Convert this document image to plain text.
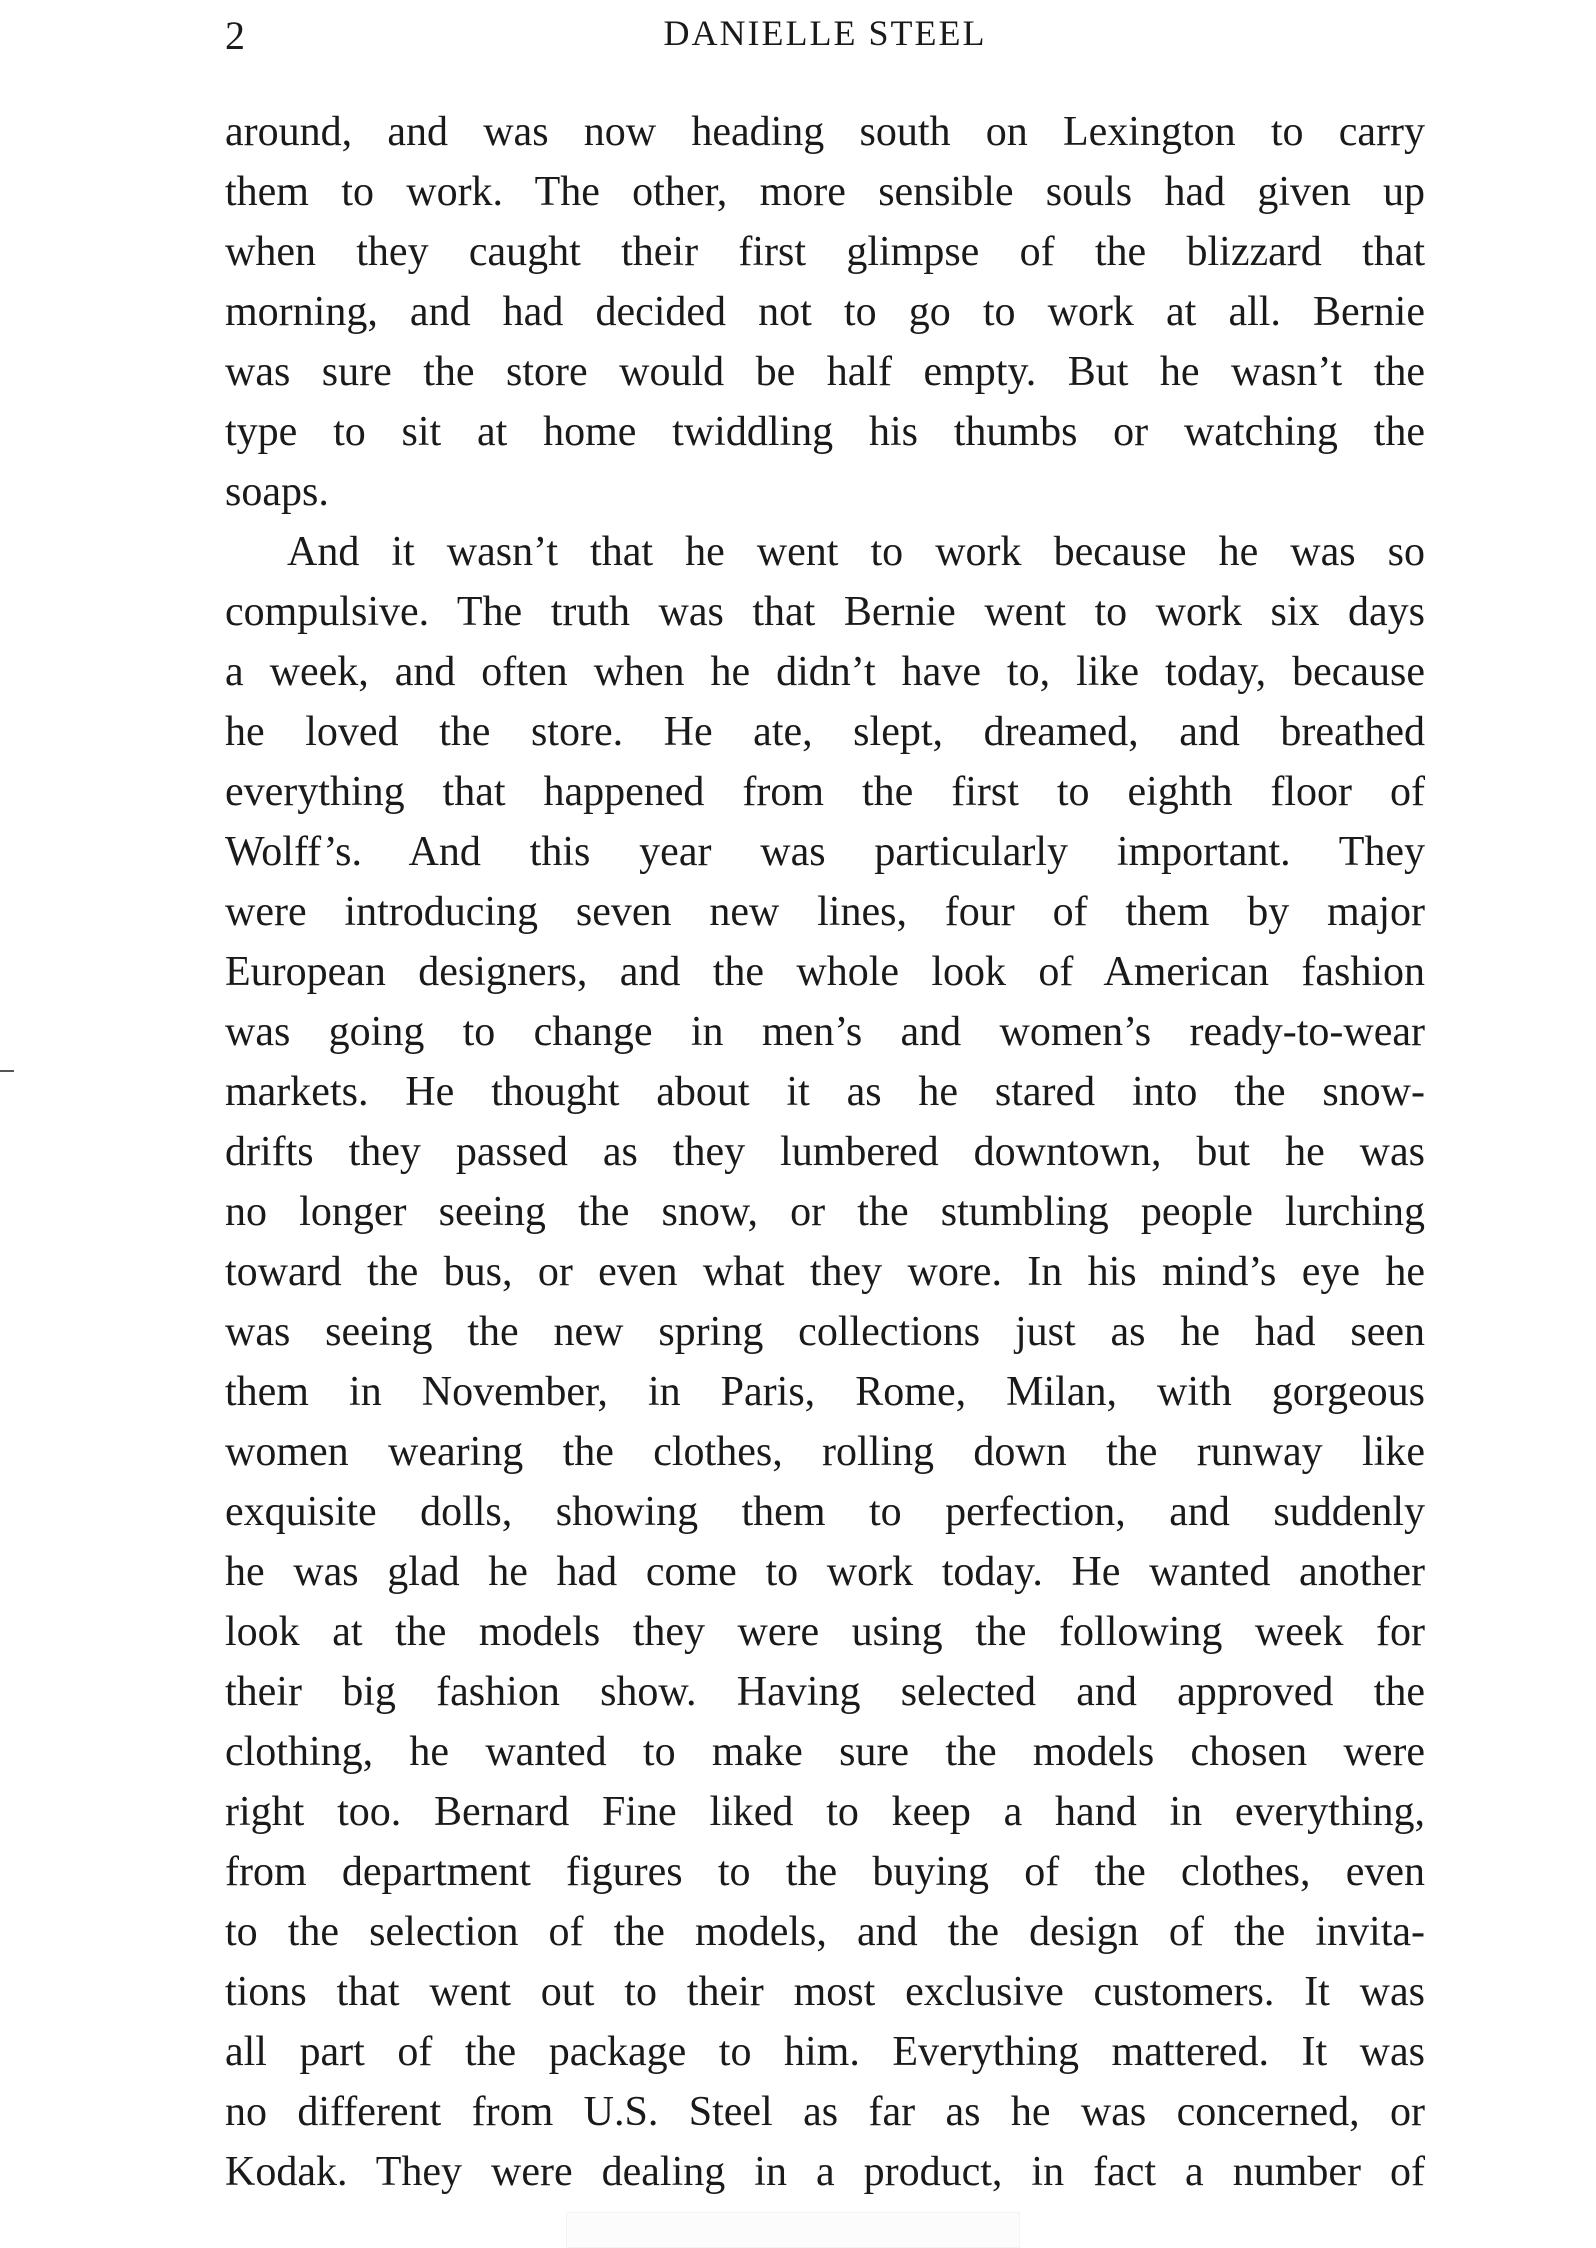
2	DANIELLE STEEL
around, and was now heading south on Lexington to carry
them to work. The other, more sensible souls had given up
when they caught their first glimpse of the blizzard that
morning, and had decided not to go to work at all. Bernie
was sure the store would be half empty. But he wasn’t the
type to sit at home twiddling his thumbs or watching the
soaps.
And it wasn’t that he went to work because he was so
compulsive. The truth was that Bernie went to work six days
a week, and often when he didn’t have to, like today, because
he loved the store. He ate, slept, dreamed, and breathed
everything that happened from the first to eighth floor of
Wolff’s. And this year was particularly important. They
were introducing seven new lines, four of them by major
European designers, and the whole look of American fashion
was going to change in men’s and women’s ready-to-wear
markets. He thought about it as he stared into the snow-
drifts they passed as they lumbered downtown, but he was
no longer seeing the snow, or the stumbling people lurching
toward the bus, or even what they wore. In his mind’s eye he
was seeing the new spring collections just as he had seen
them in November, in Paris, Rome, Milan, with gorgeous
women wearing the clothes, rolling down the runway like
exquisite dolls, showing them to perfection, and suddenly
he was glad he had come to work today. He wanted another
look at the models they were using the following week for
their big fashion show. Having selected and approved the
clothing, he wanted to make sure the models chosen were
right too. Bernard Fine liked to keep a hand in everything,
from department figures to the buying of the clothes, even
to the selection of the models, and the design of the invita-
tions that went out to their most exclusive customers. It was
all part of the package to him. Everything mattered. It was
no different from U.S. Steel as far as he was concerned, or
Kodak. They were dealing in a product, in fact a number of
